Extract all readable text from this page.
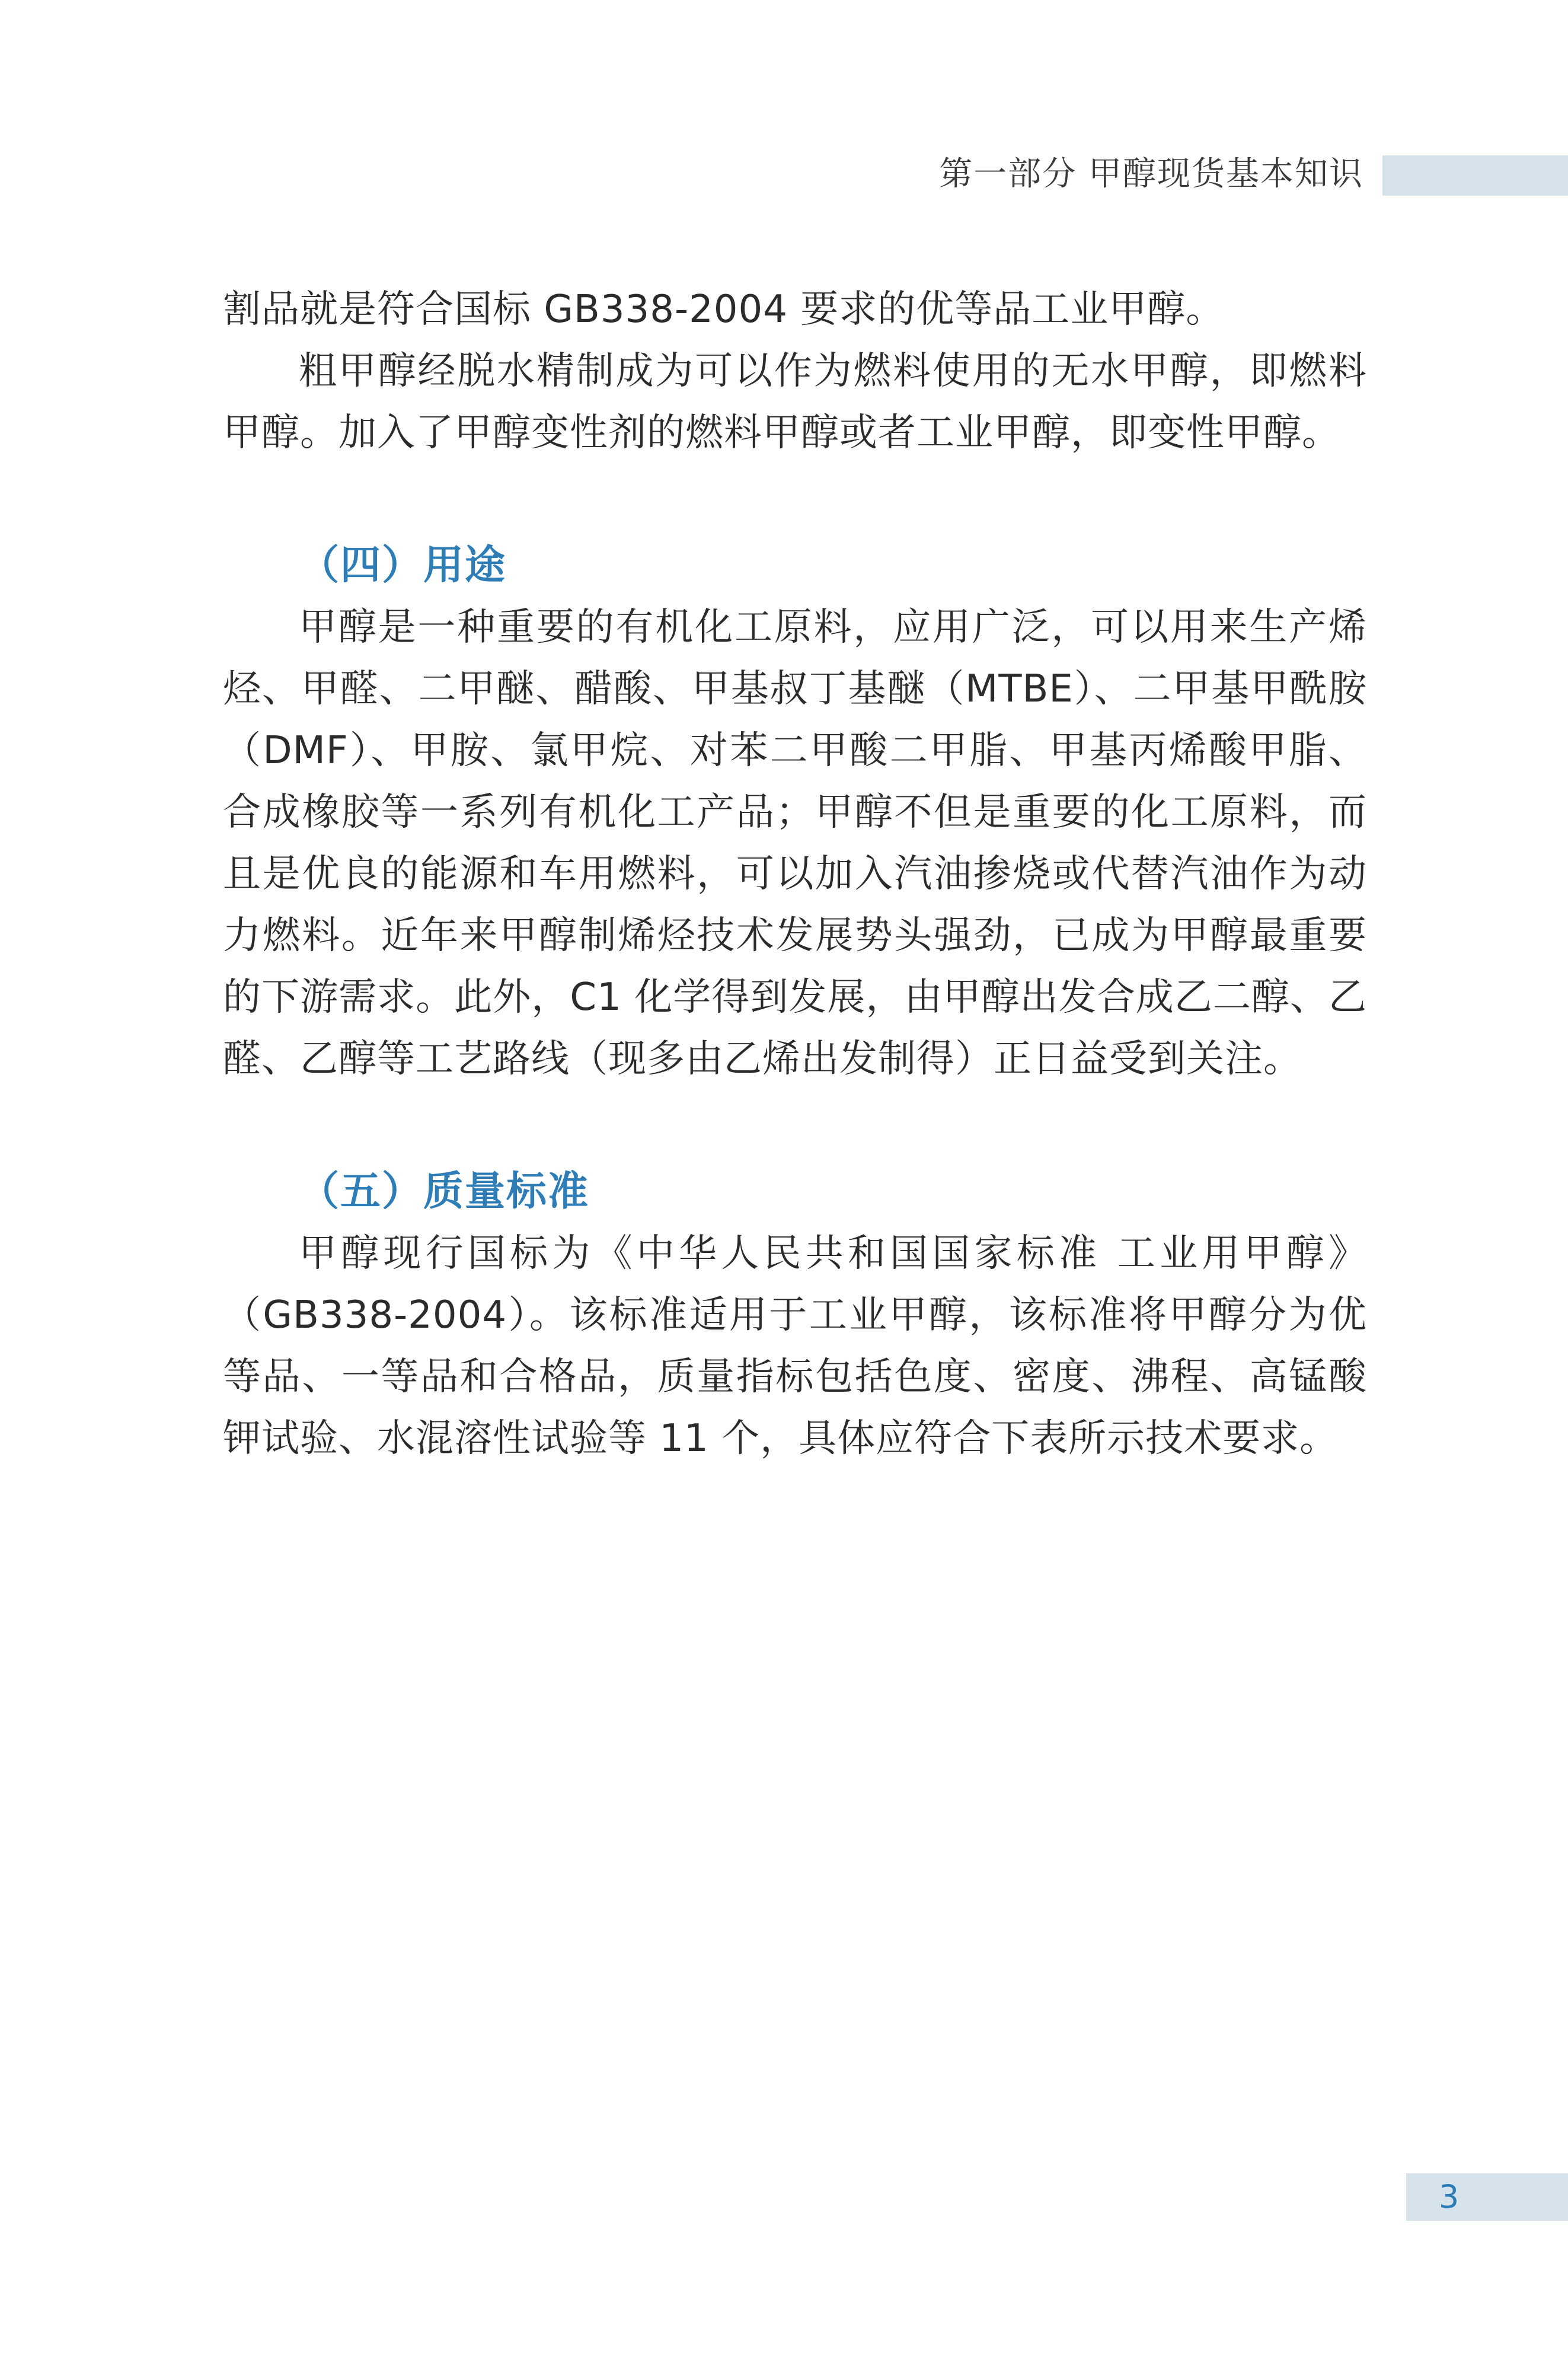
第一部分 甲醇现货基本知识

割品就是符合国标 GB338-2004 要求的优等品工业甲醇。

粗甲醇经脱水精制成为可以作为燃料使用的无水甲醇，即燃料甲醇。加入了甲醇变性剂的燃料甲醇或者工业甲醇，即变性甲醇。

（四）用途

甲醇是一种重要的有机化工原料，应用广泛，可以用来生产烯烃、甲醛、二甲醚、醋酸、甲基叔丁基醚（MTBE）、二甲基甲酰胺（DMF）、甲胺、氯甲烷、对苯二甲酸二甲脂、甲基丙烯酸甲脂、合成橡胶等一系列有机化工产品；甲醇不但是重要的化工原料，而且是优良的能源和车用燃料，可以加入汽油掺烧或代替汽油作为动力燃料。近年来甲醇制烯烃技术发展势头强劲，已成为甲醇最重要的下游需求。此外，C1 化学得到发展，由甲醇出发合成乙二醇、乙醛、乙醇等工艺路线（现多由乙烯出发制得）正日益受到关注。

（五）质量标准

甲醇现行国标为《中华人民共和国国家标准 工业用甲醇》（GB338-2004）。该标准适用于工业甲醇，该标准将甲醇分为优等品、一等品和合格品，质量指标包括色度、密度、沸程、高锰酸钾试验、水混溶性试验等 11 个，具体应符合下表所示技术要求。

3
